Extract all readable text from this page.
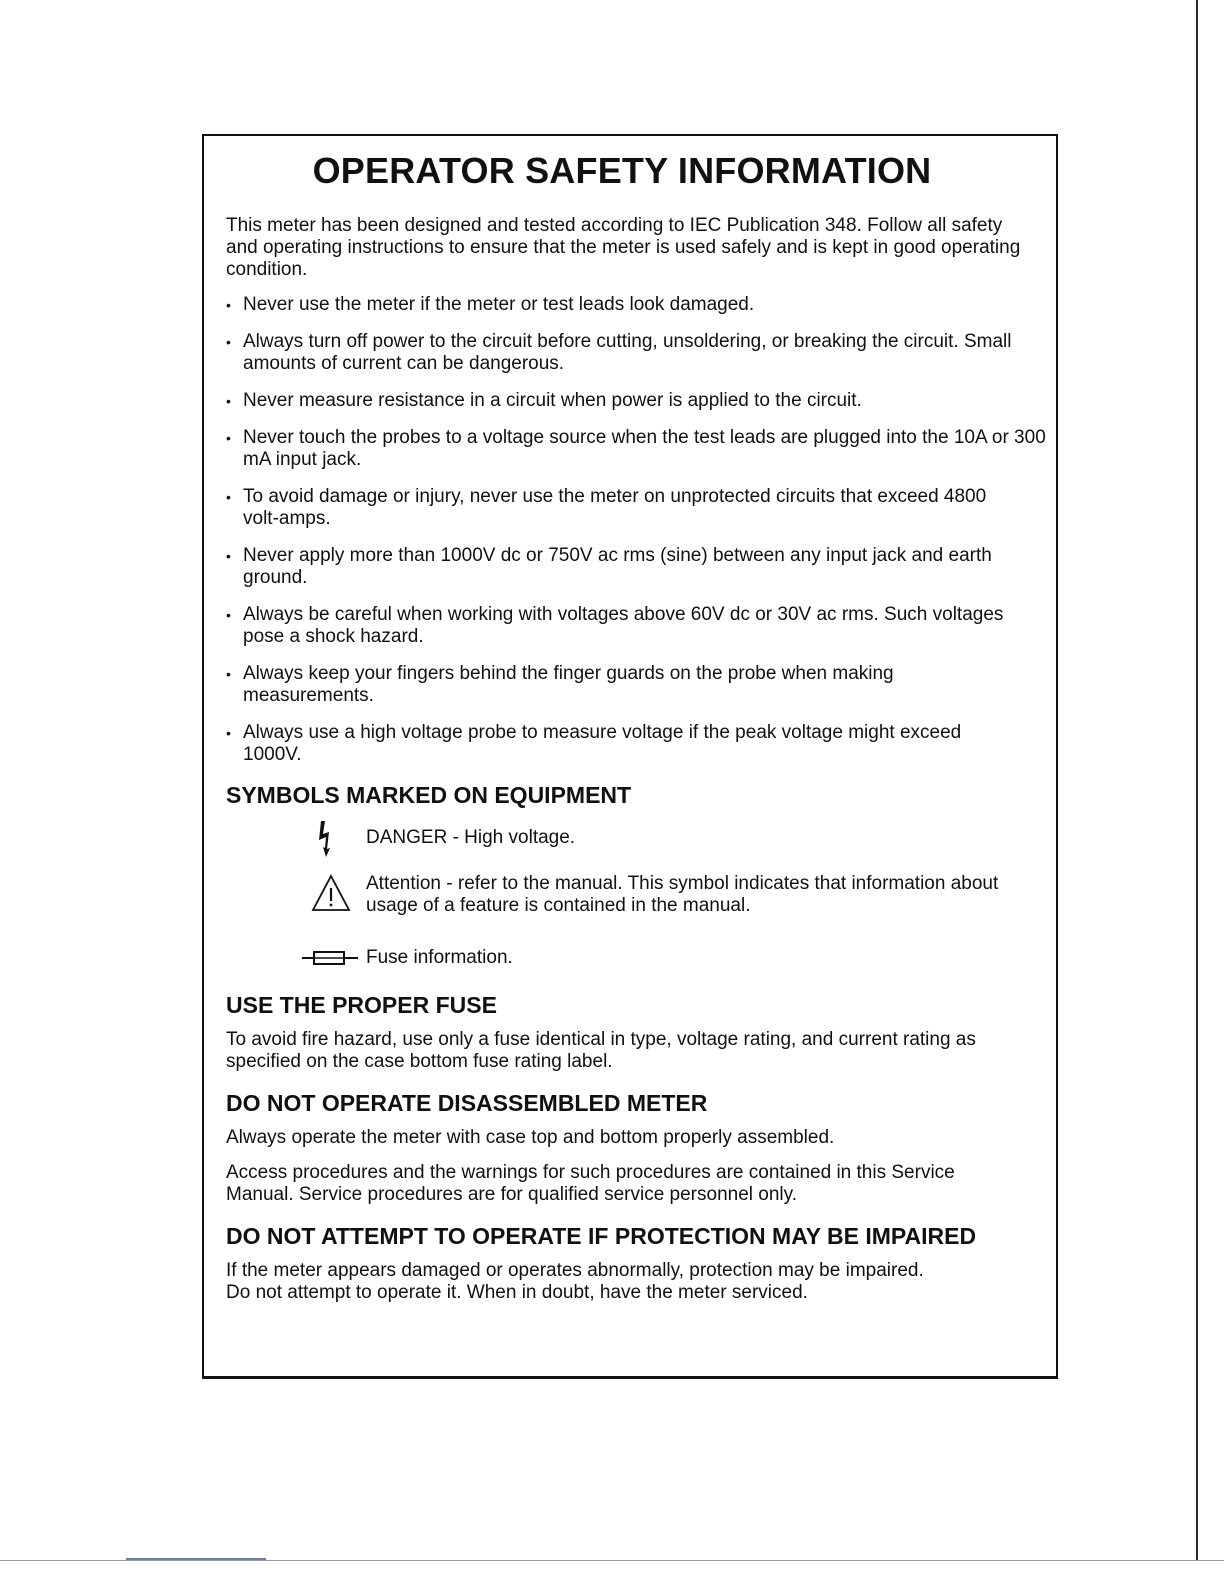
OPERATOR SAFETY INFORMATION

This meter has been designed and tested according to IEC Publication 348. Follow all safety and operating instructions to ensure that the meter is used safely and is kept in good operating condition.

• Never use the meter if the meter or test leads look damaged.
• Always turn off power to the circuit before cutting, unsoldering, or breaking the circuit. Small amounts of current can be dangerous.
• Never measure resistance in a circuit when power is applied to the circuit.
• Never touch the probes to a voltage source when the test leads are plugged into the 10A or 300 mA input jack.
• To avoid damage or injury, never use the meter on unprotected circuits that exceed 4800 volt-amps.
• Never apply more than 1000V dc or 750V ac rms (sine) between any input jack and earth ground.
• Always be careful when working with voltages above 60V dc or 30V ac rms. Such voltages pose a shock hazard.
• Always keep your fingers behind the finger guards on the probe when making measurements.
• Always use a high voltage probe to measure voltage if the peak voltage might exceed 1000V.
SYMBOLS MARKED ON EQUIPMENT
DANGER - High voltage.
Attention - refer to the manual. This symbol indicates that information about usage of a feature is contained in the manual.
Fuse information.
USE THE PROPER FUSE

To avoid fire hazard, use only a fuse identical in type, voltage rating, and current rating as specified on the case bottom fuse rating label.

DO NOT OPERATE DISASSEMBLED METER

Always operate the meter with case top and bottom properly assembled.

Access procedures and the warnings for such procedures are contained in this Service Manual. Service procedures are for qualified service personnel only.

DO NOT ATTEMPT TO OPERATE IF PROTECTION MAY BE IMPAIRED

If the meter appears damaged or operates abnormally, protection may be impaired.

Do not attempt to operate it. When in doubt, have the meter serviced.
